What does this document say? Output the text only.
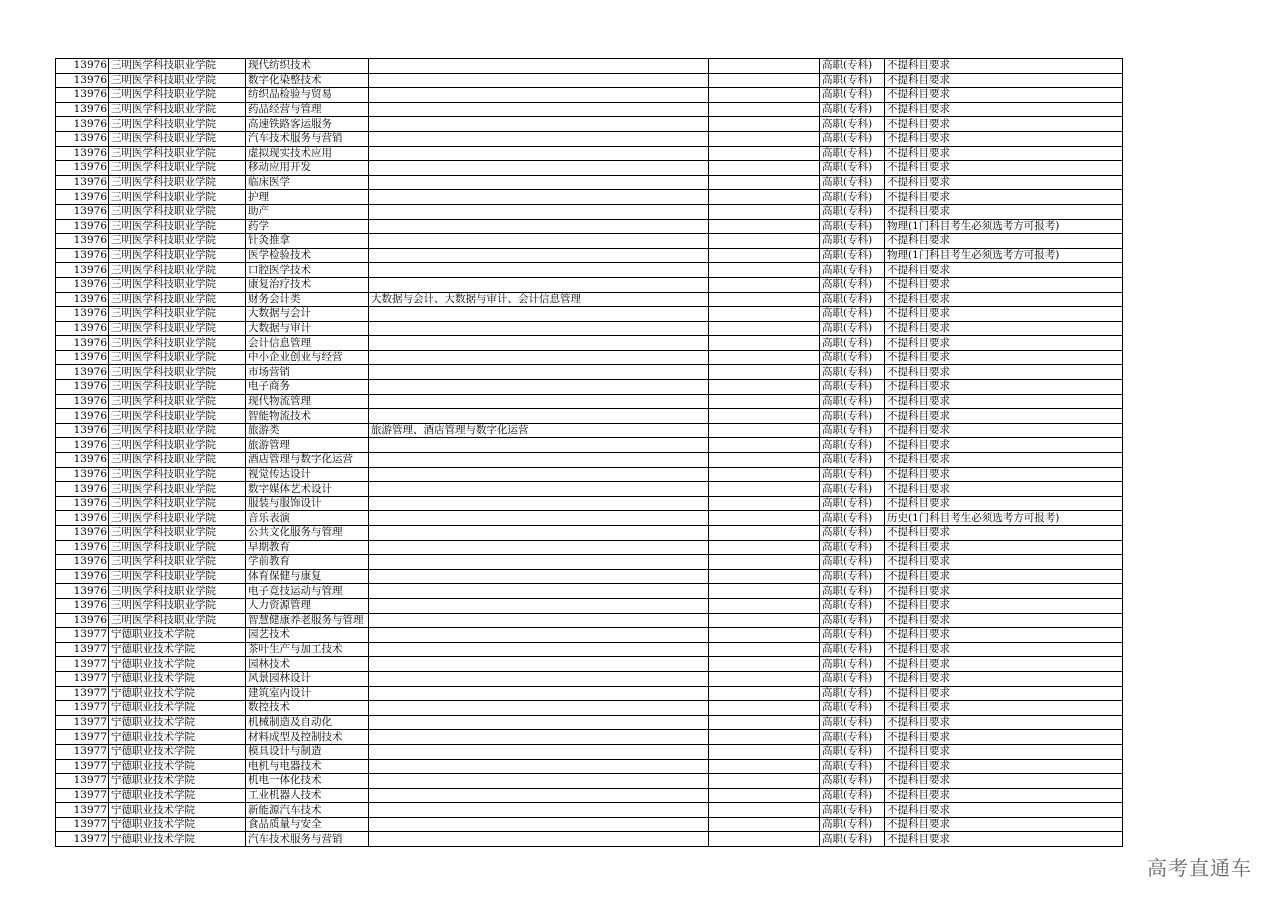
13976	三明医学科技职业学院	现代纺织技术			高职(专科)	不提科目要求
13976	三明医学科技职业学院	数字化染整技术			高职(专科)	不提科目要求
13976	三明医学科技职业学院	纺织品检验与贸易			高职(专科)	不提科目要求
13976	三明医学科技职业学院	药品经营与管理			高职(专科)	不提科目要求
13976	三明医学科技职业学院	高速铁路客运服务			高职(专科)	不提科目要求
13976	三明医学科技职业学院	汽车技术服务与营销			高职(专科)	不提科目要求
13976	三明医学科技职业学院	虚拟现实技术应用			高职(专科)	不提科目要求
13976	三明医学科技职业学院	移动应用开发			高职(专科)	不提科目要求
13976	三明医学科技职业学院	临床医学			高职(专科)	不提科目要求
13976	三明医学科技职业学院	护理			高职(专科)	不提科目要求
13976	三明医学科技职业学院	助产			高职(专科)	不提科目要求
13976	三明医学科技职业学院	药学			高职(专科)	物理(1门科目考生必须选考方可报考)
13976	三明医学科技职业学院	针灸推拿			高职(专科)	不提科目要求
13976	三明医学科技职业学院	医学检验技术			高职(专科)	物理(1门科目考生必须选考方可报考)
13976	三明医学科技职业学院	口腔医学技术			高职(专科)	不提科目要求
13976	三明医学科技职业学院	康复治疗技术			高职(专科)	不提科目要求
13976	三明医学科技职业学院	财务会计类	大数据与会计、大数据与审计、会计信息管理		高职(专科)	不提科目要求
13976	三明医学科技职业学院	大数据与会计			高职(专科)	不提科目要求
13976	三明医学科技职业学院	大数据与审计			高职(专科)	不提科目要求
13976	三明医学科技职业学院	会计信息管理			高职(专科)	不提科目要求
13976	三明医学科技职业学院	中小企业创业与经营			高职(专科)	不提科目要求
13976	三明医学科技职业学院	市场营销			高职(专科)	不提科目要求
13976	三明医学科技职业学院	电子商务			高职(专科)	不提科目要求
13976	三明医学科技职业学院	现代物流管理			高职(专科)	不提科目要求
13976	三明医学科技职业学院	智能物流技术			高职(专科)	不提科目要求
13976	三明医学科技职业学院	旅游类	旅游管理、酒店管理与数字化运营		高职(专科)	不提科目要求
13976	三明医学科技职业学院	旅游管理			高职(专科)	不提科目要求
13976	三明医学科技职业学院	酒店管理与数字化运营			高职(专科)	不提科目要求
13976	三明医学科技职业学院	视觉传达设计			高职(专科)	不提科目要求
13976	三明医学科技职业学院	数字媒体艺术设计			高职(专科)	不提科目要求
13976	三明医学科技职业学院	服装与服饰设计			高职(专科)	不提科目要求
13976	三明医学科技职业学院	音乐表演			高职(专科)	历史(1门科目考生必须选考方可报考)
13976	三明医学科技职业学院	公共文化服务与管理			高职(专科)	不提科目要求
13976	三明医学科技职业学院	早期教育			高职(专科)	不提科目要求
13976	三明医学科技职业学院	学前教育			高职(专科)	不提科目要求
13976	三明医学科技职业学院	体育保健与康复			高职(专科)	不提科目要求
13976	三明医学科技职业学院	电子竞技运动与管理			高职(专科)	不提科目要求
13976	三明医学科技职业学院	人力资源管理			高职(专科)	不提科目要求
13976	三明医学科技职业学院	智慧健康养老服务与管理			高职(专科)	不提科目要求
13977	宁德职业技术学院	园艺技术			高职(专科)	不提科目要求
13977	宁德职业技术学院	茶叶生产与加工技术			高职(专科)	不提科目要求
13977	宁德职业技术学院	园林技术			高职(专科)	不提科目要求
13977	宁德职业技术学院	风景园林设计			高职(专科)	不提科目要求
13977	宁德职业技术学院	建筑室内设计			高职(专科)	不提科目要求
13977	宁德职业技术学院	数控技术			高职(专科)	不提科目要求
13977	宁德职业技术学院	机械制造及自动化			高职(专科)	不提科目要求
13977	宁德职业技术学院	材料成型及控制技术			高职(专科)	不提科目要求
13977	宁德职业技术学院	模具设计与制造			高职(专科)	不提科目要求
13977	宁德职业技术学院	电机与电器技术			高职(专科)	不提科目要求
13977	宁德职业技术学院	机电一体化技术			高职(专科)	不提科目要求
13977	宁德职业技术学院	工业机器人技术			高职(专科)	不提科目要求
13977	宁德职业技术学院	新能源汽车技术			高职(专科)	不提科目要求
13977	宁德职业技术学院	食品质量与安全			高职(专科)	不提科目要求
13977	宁德职业技术学院	汽车技术服务与营销			高职(专科)	不提科目要求
高考直通车
